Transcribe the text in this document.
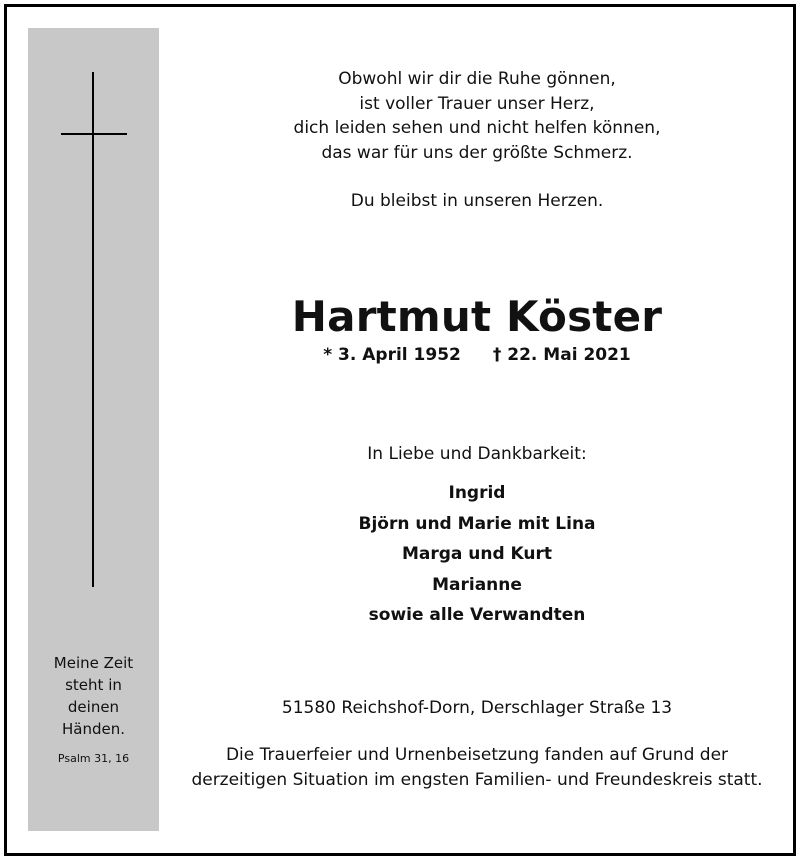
Meine Zeit
steht in
deinen
Händen.
Psalm 31, 16
Obwohl wir dir die Ruhe gönnen,
ist voller Trauer unser Herz,
dich leiden sehen und nicht helfen können,
das war für uns der größte Schmerz.
Du bleibst in unseren Herzen.
Hartmut Köster
* 3. April 1952 † 22. Mai 2021
In Liebe und Dankbarkeit:
Ingrid
Björn und Marie mit Lina
Marga und Kurt
Marianne
sowie alle Verwandten
51580 Reichshof-Dorn, Derschlager Straße 13
Die Trauerfeier und Urnenbeisetzung fanden auf Grund der
derzeitigen Situation im engsten Familien- und Freundeskreis statt.
